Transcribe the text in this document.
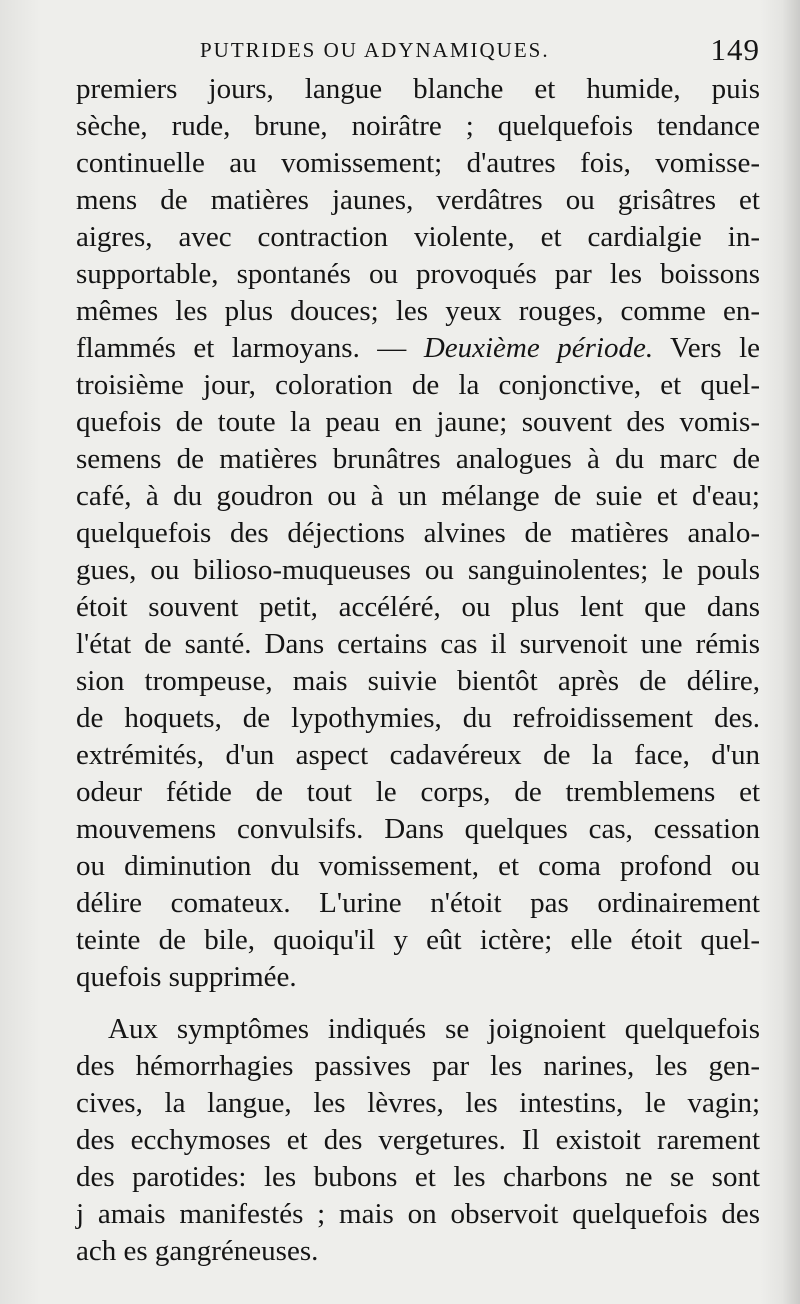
PUTRIDES OU ADYNAMIQUES.	149
premiers jours, langue blanche et humide, puis
sèche, rude, brune, noirâtre ; quelquefois tendance
continuelle au vomissement; d'autres fois, vomisse-
mens de matières jaunes, verdâtres ou grisâtres et
aigres, avec contraction violente, et cardialgie in-
supportable, spontanés ou provoqués par les boissons
mêmes les plus douces; les yeux rouges, comme en-
flammés et larmoyans. — Deuxième période. Vers le
troisième jour, coloration de la conjonctive, et quel-
quefois de toute la peau en jaune; souvent des vomis-
semens de matières brunâtres analogues à du marc de
café, à du goudron ou à un mélange de suie et d'eau;
quelquefois des déjections alvines de matières analo-
gues, ou bilioso-muqueuses ou sanguinolentes; le pouls
étoit souvent petit, accéléré, ou plus lent que dans
l'état de santé. Dans certains cas il survenoit une rémis
sion trompeuse, mais suivie bientôt après de délire,
de hoquets, de lypothymies, du refroidissement des.
extrémités, d'un aspect cadavéreux de la face, d'un
odeur fétide de tout le corps, de tremblemens et
mouvemens convulsifs. Dans quelques cas, cessation
ou diminution du vomissement, et coma profond ou
délire comateux. L'urine n'étoit pas ordinairement
teinte de bile, quoiqu'il y eût ictère; elle étoit quel-
quefois supprimée.
Aux symptômes indiqués se joignoient quelquefois
des hémorrhagies passives par les narines, les gen-
cives, la langue, les lèvres, les intestins, le vagin;
des ecchymoses et des vergetures. Il existoit rarement
des parotides: les bubons et les charbons ne se sont
j amais manifestés ; mais on observoit quelquefois des
ach es gangréneuses.
